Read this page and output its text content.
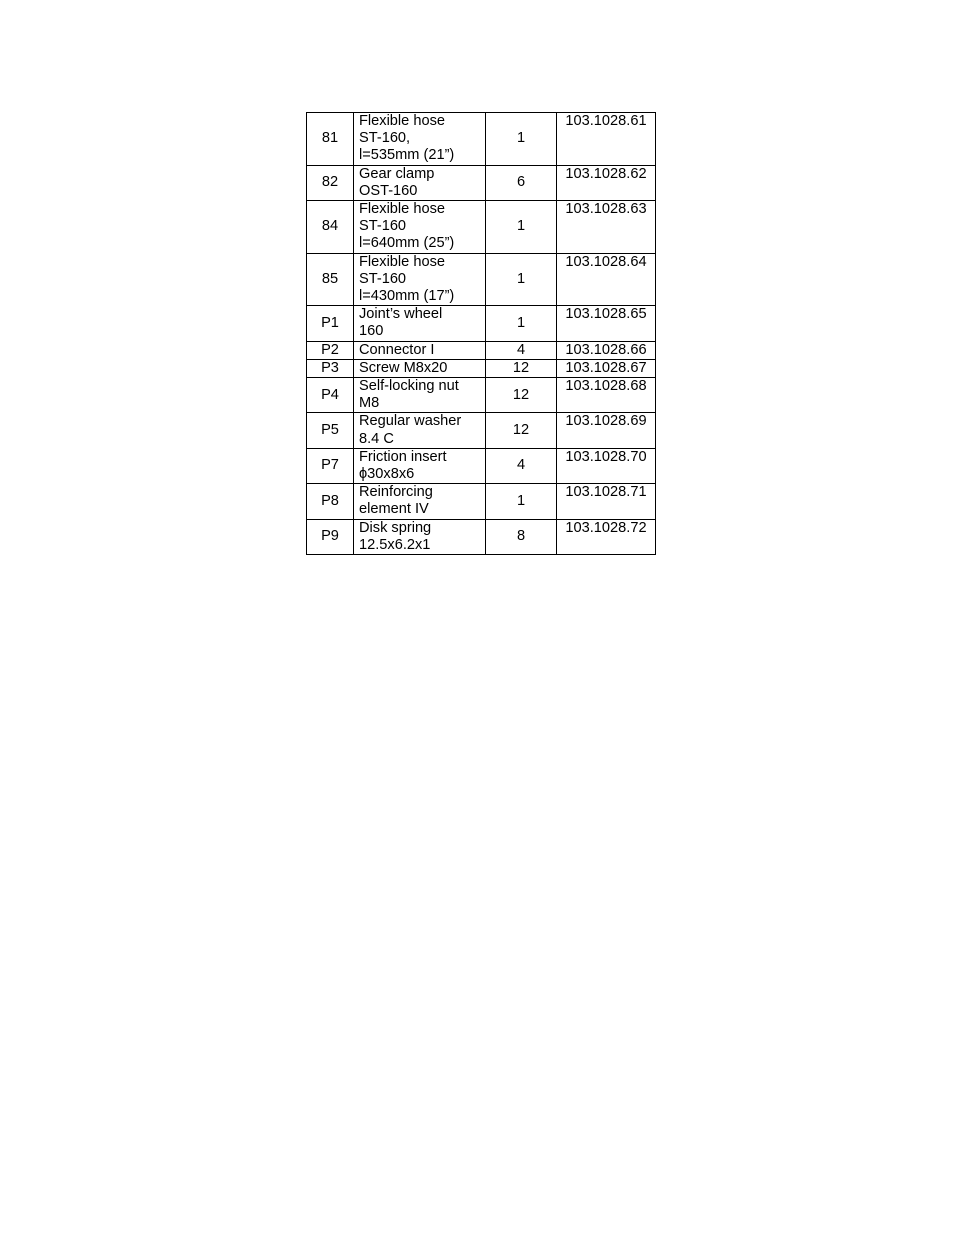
81	Flexible hose
ST-160,
l=535mm (21”)	1	103.1028.61
82	Gear clamp
OST-160	6	103.1028.62
84	Flexible hose
ST-160
l=640mm (25”)	1	103.1028.63
85	Flexible hose
ST-160
l=430mm (17”)	1	103.1028.64
P1	Joint’s wheel
160	1	103.1028.65
P2	Connector I	4	103.1028.66
P3	Screw M8x20	12	103.1028.67
P4	Self-locking nut
M8	12	103.1028.68
P5	Regular washer
8.4 C	12	103.1028.69
P7	Friction insert
ϕ30x8x6	4	103.1028.70
P8	Reinforcing
element IV	1	103.1028.71
P9	Disk spring
12.5x6.2x1	8	103.1028.72
